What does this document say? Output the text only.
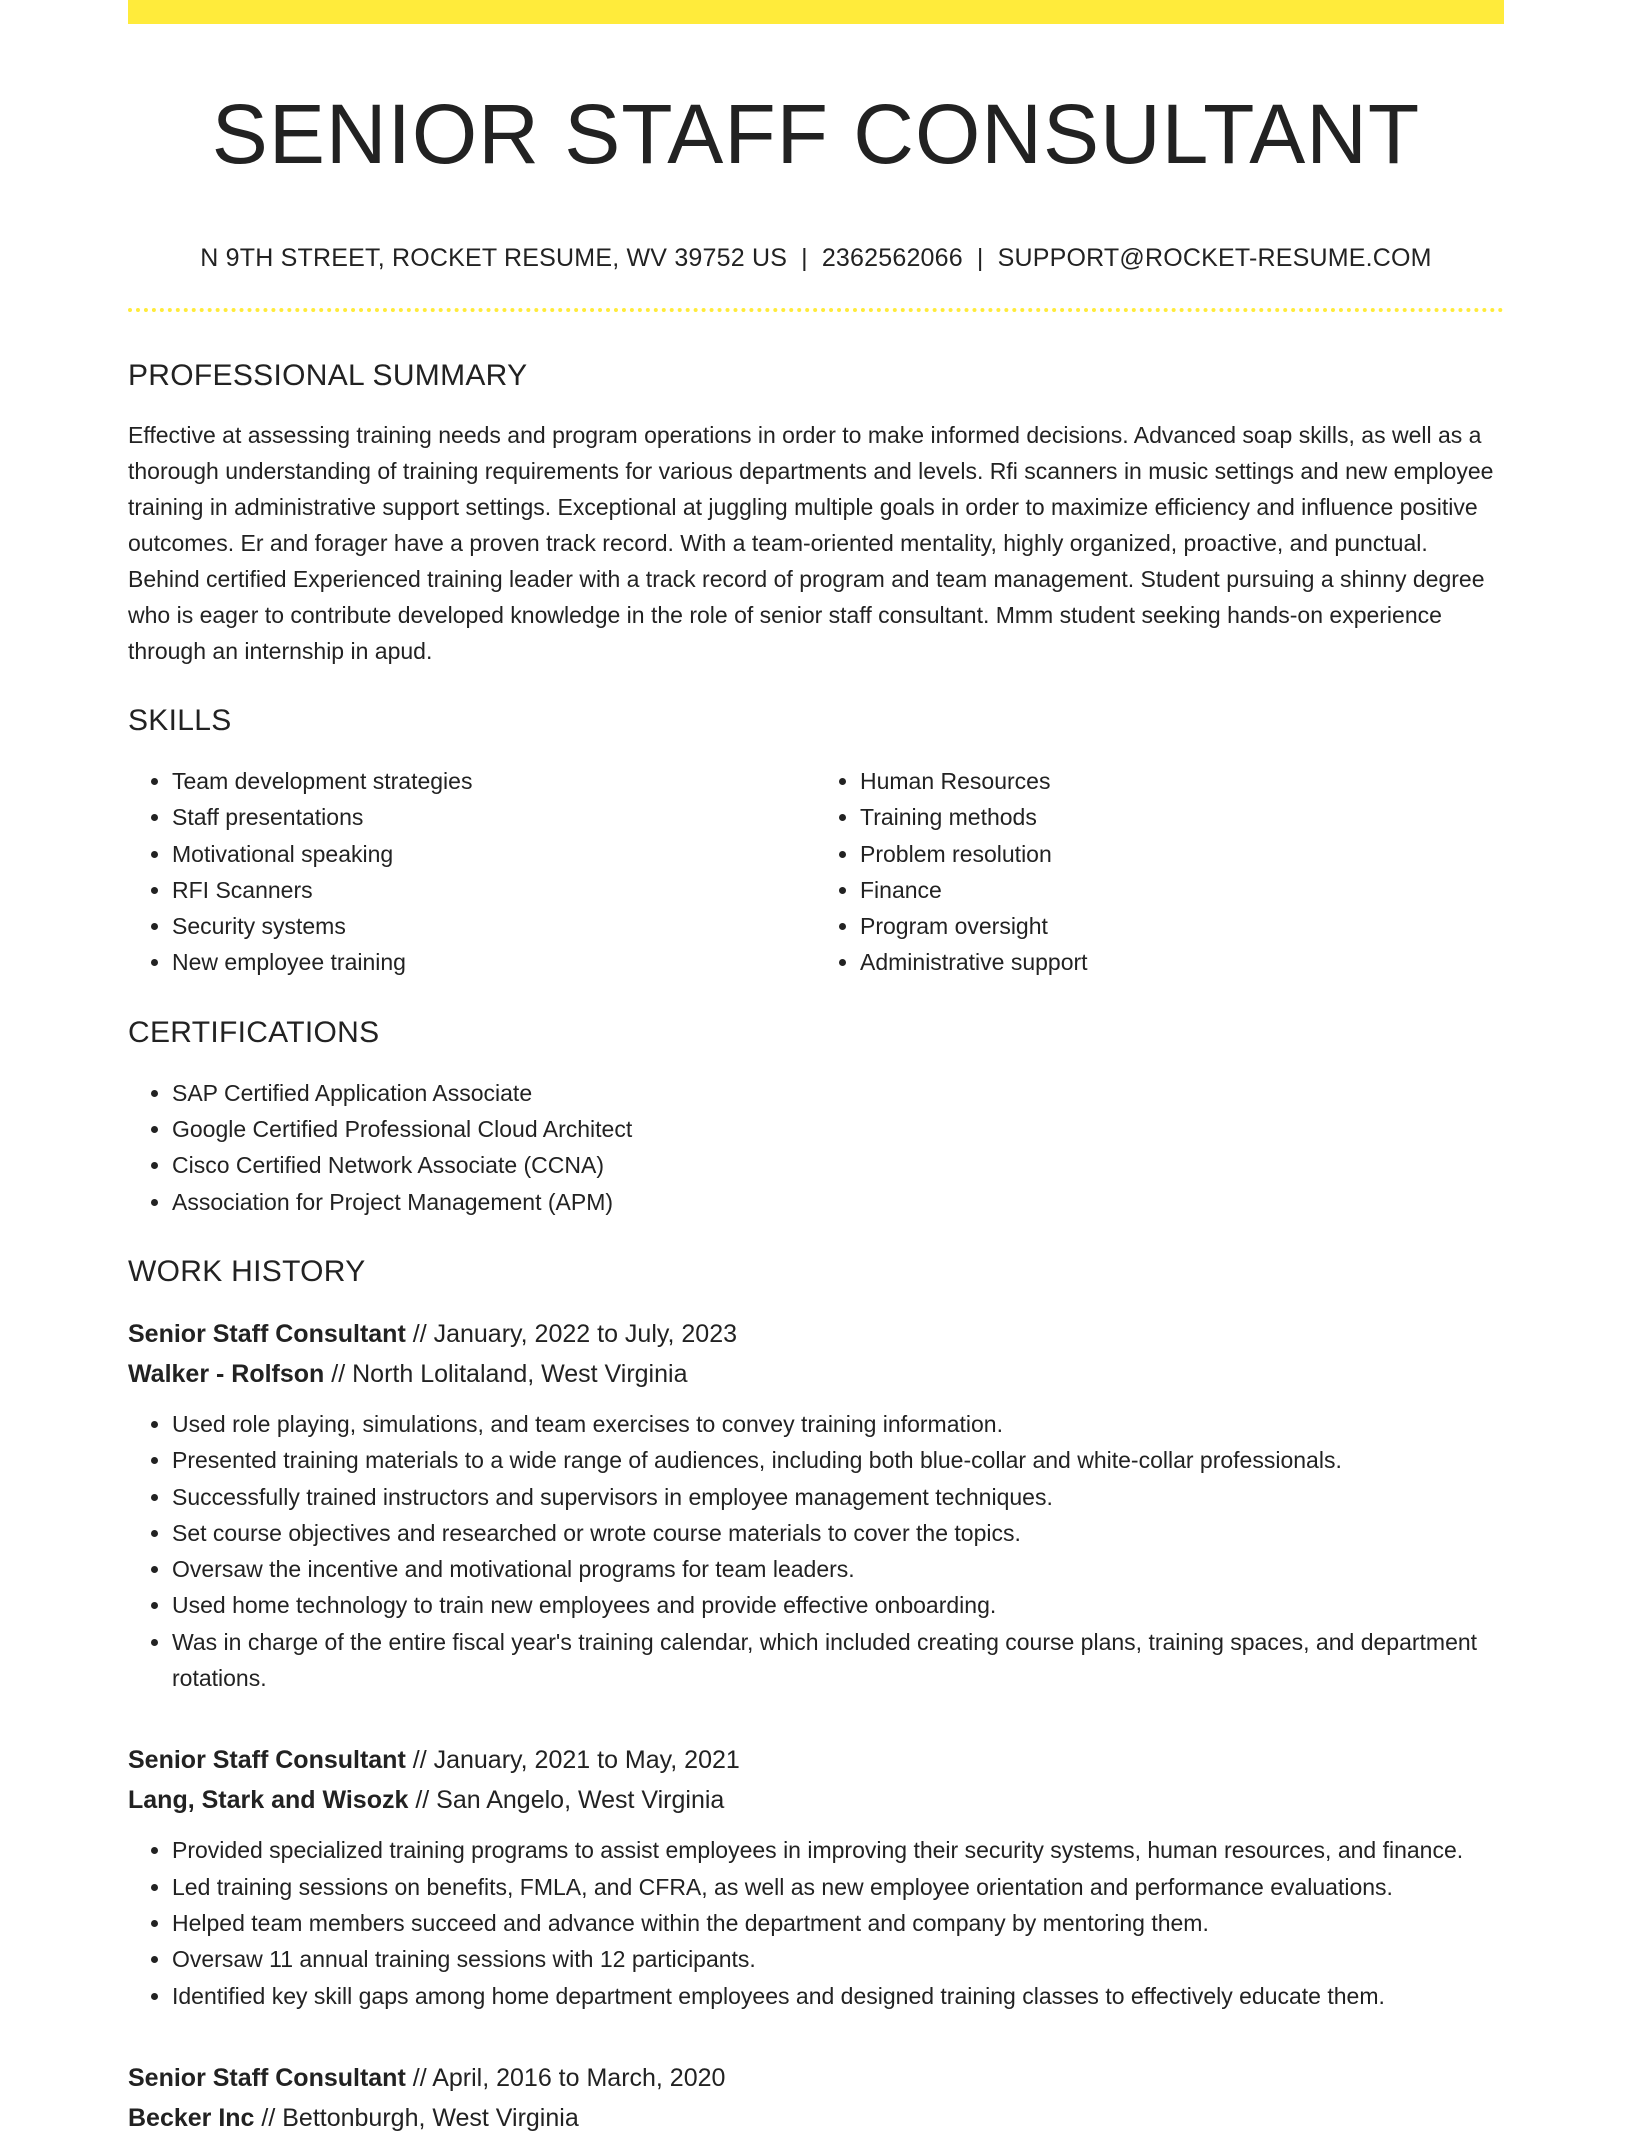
SENIOR STAFF CONSULTANT
N 9TH STREET, ROCKET RESUME, WV 39752 US | 2362562066 | SUPPORT@ROCKET-RESUME.COM
PROFESSIONAL SUMMARY

Effective at assessing training needs and program operations in order to make informed decisions. Advanced soap skills, as well as a thorough understanding of training requirements for various departments and levels. Rfi scanners in music settings and new employee training in administrative support settings. Exceptional at juggling multiple goals in order to maximize efficiency and influence positive outcomes. Er and forager have a proven track record. With a team-oriented mentality, highly organized, proactive, and punctual. Behind certified Experienced training leader with a track record of program and team management. Student pursuing a shinny degree who is eager to contribute developed knowledge in the role of senior staff consultant. Mmm student seeking hands-on experience through an internship in apud.

SKILLS
• Team development strategies
• Staff presentations
• Motivational speaking
• RFI Scanners
• Security systems
• New employee training
• Human Resources
• Training methods
• Problem resolution
• Finance
• Program oversight
• Administrative support
CERTIFICATIONS
• SAP Certified Application Associate
• Google Certified Professional Cloud Architect
• Cisco Certified Network Associate (CCNA)
• Association for Project Management (APM)
WORK HISTORY
Senior Staff Consultant // January, 2022 to July, 2023
Walker - Rolfson // North Lolitaland, West Virginia
• Used role playing, simulations, and team exercises to convey training information.
• Presented training materials to a wide range of audiences, including both blue-collar and white-collar professionals.
• Successfully trained instructors and supervisors in employee management techniques.
• Set course objectives and researched or wrote course materials to cover the topics.
• Oversaw the incentive and motivational programs for team leaders.
• Used home technology to train new employees and provide effective onboarding.
• Was in charge of the entire fiscal year's training calendar, which included creating course plans, training spaces, and department rotations.
Senior Staff Consultant // January, 2021 to May, 2021
Lang, Stark and Wisozk // San Angelo, West Virginia
• Provided specialized training programs to assist employees in improving their security systems, human resources, and finance.
• Led training sessions on benefits, FMLA, and CFRA, as well as new employee orientation and performance evaluations.
• Helped team members succeed and advance within the department and company by mentoring them.
• Oversaw 11 annual training sessions with 12 participants.
• Identified key skill gaps among home department employees and designed training classes to effectively educate them.
Senior Staff Consultant // April, 2016 to March, 2020
Becker Inc // Bettonburgh, West Virginia
